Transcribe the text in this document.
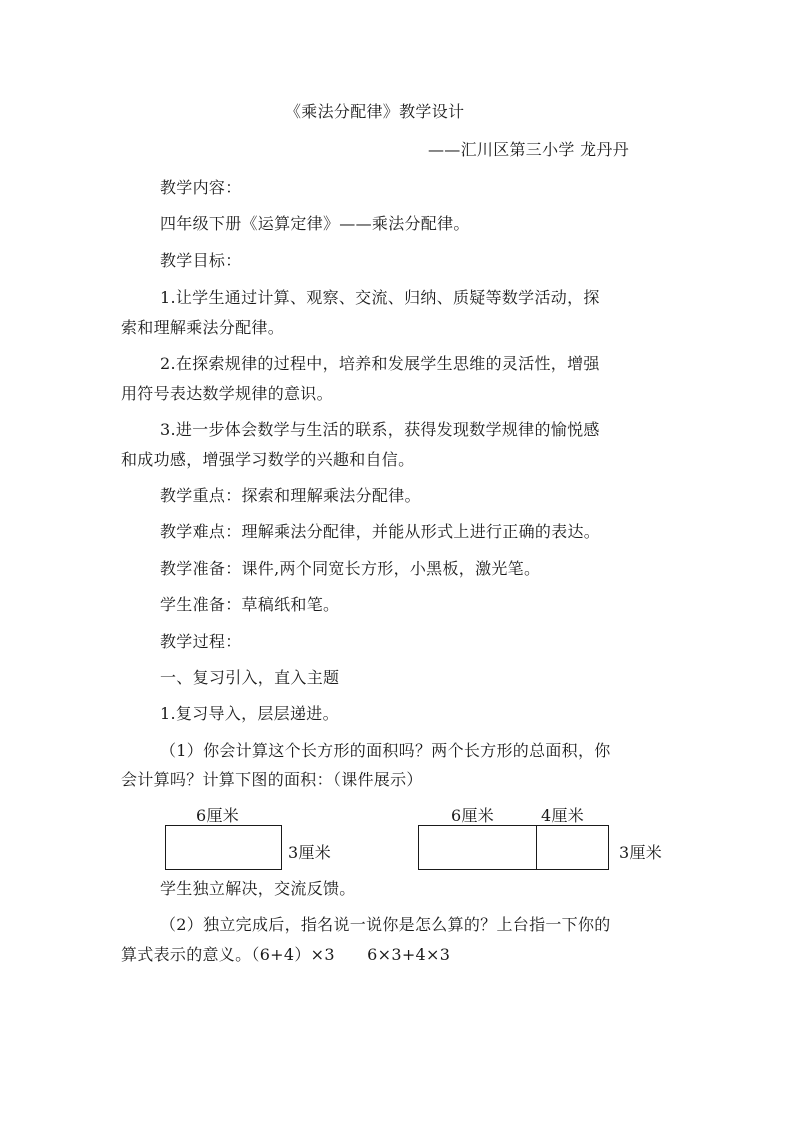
《乘法分配律》教学设计
——汇川区第三小学 龙丹丹
教学内容：
四年级下册《运算定律》——乘法分配律。
教学目标：
1.让学生通过计算、观察、交流、归纳、质疑等数学活动，探
索和理解乘法分配律。
2.在探索规律的过程中，培养和发展学生思维的灵活性，增强
用符号表达数学规律的意识。
3.进一步体会数学与生活的联系，获得发现数学规律的愉悦感
和成功感，增强学习数学的兴趣和自信。
教学重点：探索和理解乘法分配律。
教学难点：理解乘法分配律，并能从形式上进行正确的表达。
教学准备：课件,两个同宽长方形，小黑板，激光笔。
学生准备：草稿纸和笔。
教学过程：
一、复习引入，直入主题
1.复习导入，层层递进。
（1）你会计算这个长方形的面积吗？两个长方形的总面积，你
会计算吗？计算下图的面积：（课件展示）
6厘米
3厘米
6厘米	4厘米
3厘米
学生独立解决，交流反馈。
（2）独立完成后，指名说一说你是怎么算的？上台指一下你的
算式表示的意义。（6+4）×3      6×3+4×3
